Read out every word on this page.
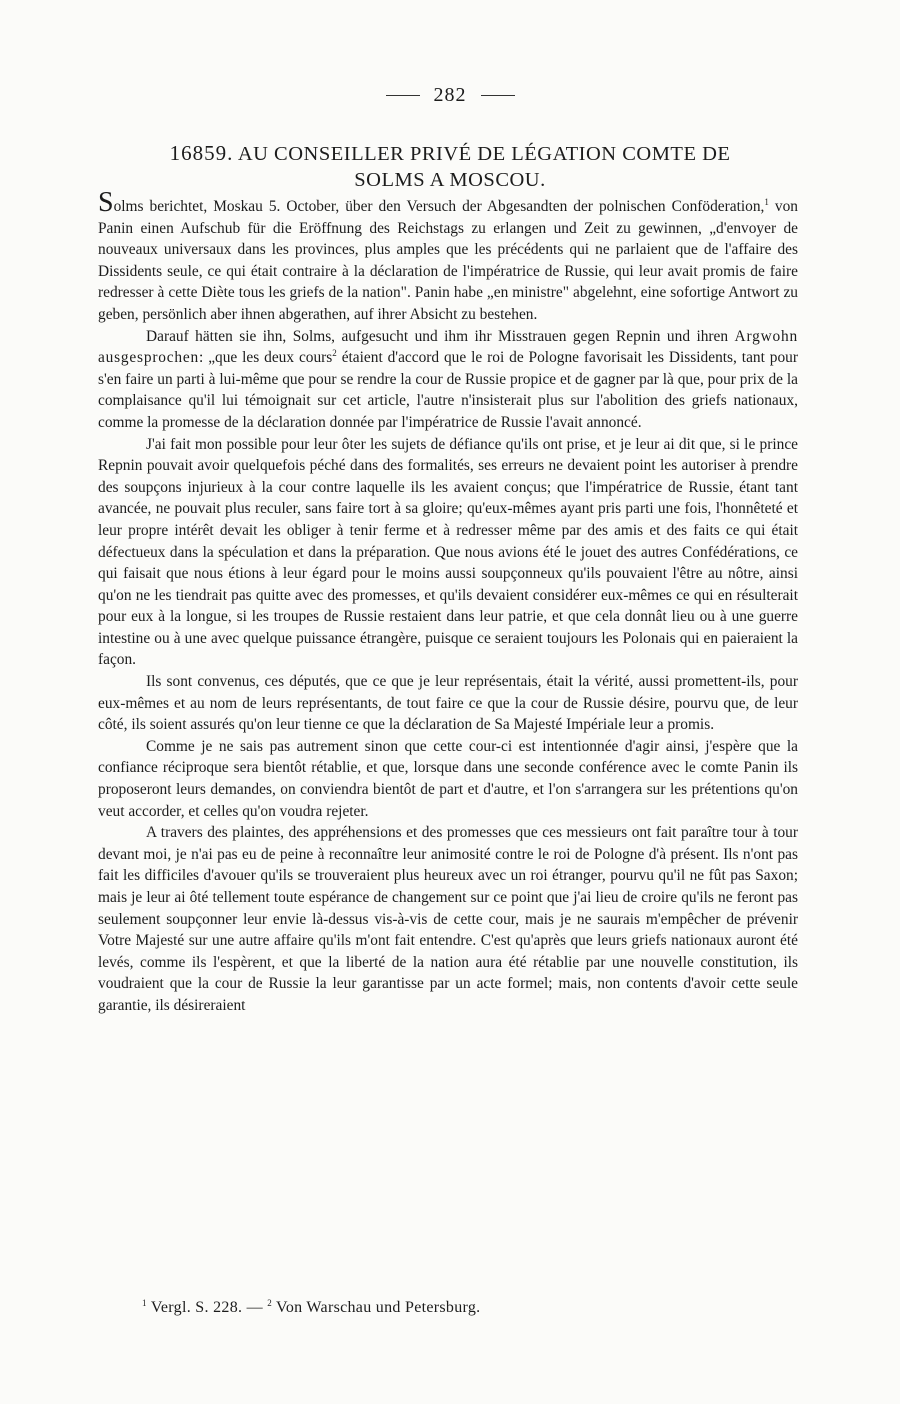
282
16859. AU CONSEILLER PRIVÉ DE LÉGATION COMTE DE SOLMS A MOSCOU.

Solms berichtet, Moskau 5. October, über den Versuch der Abgesandten der polnischen Conföderation,$^1$ von Panin einen Aufschub für die Eröffnung des Reichstags zu erlangen und Zeit zu gewinnen, „d'envoyer de nouveaux universaux dans les provinces, plus amples que les précédents qui ne parlaient que de l'affaire des Dissidents seule, ce qui était contraire à la déclaration de l'impératrice de Russie, qui leur avait promis de faire redresser à cette Diète tous les griefs de la nation". Panin habe „en ministre" abgelehnt, eine sofortige Antwort zu geben, persönlich aber ihnen abgerathen, auf ihrer Absicht zu bestehen.

Darauf hätten sie ihn, Solms, aufgesucht und ihm ihr Misstrauen gegen Repnin und ihren Argwohn ausgesprochen: „que les deux cours$^2$ étaient d'accord que le roi de Pologne favorisait les Dissidents, tant pour s'en faire un parti à lui-même que pour se rendre la cour de Russie propice et de gagner par là que, pour prix de la complaisance qu'il lui témoignait sur cet article, l'autre n'insisterait plus sur l'abolition des griefs nationaux, comme la promesse de la déclaration donnée par l'impératrice de Russie l'avait annoncé.

J'ai fait mon possible pour leur ôter les sujets de défiance qu'ils ont prise, et je leur ai dit que, si le prince Repnin pouvait avoir quelquefois péché dans des formalités, ses erreurs ne devaient point les autoriser à prendre des soupçons injurieux à la cour contre laquelle ils les avaient conçus; que l'impératrice de Russie, étant tant avancée, ne pouvait plus reculer, sans faire tort à sa gloire; qu'eux-mêmes ayant pris parti une fois, l'honnêteté et leur propre intérêt devait les obliger à tenir ferme et à redresser même par des amis et des faits ce qui était défectueux dans la spéculation et dans la préparation. Que nous avions été le jouet des autres Confédérations, ce qui faisait que nous étions à leur égard pour le moins aussi soupçonneux qu'ils pouvaient l'être au nôtre, ainsi qu'on ne les tiendrait pas quitte avec des promesses, et qu'ils devaient considérer eux-mêmes ce qui en résulterait pour eux à la longue, si les troupes de Russie restaient dans leur patrie, et que cela donnât lieu ou à une guerre intestine ou à une avec quelque puissance étrangère, puisque ce seraient toujours les Polonais qui en paieraient la façon.

Ils sont convenus, ces députés, que ce que je leur représentais, était la vérité, aussi promettent-ils, pour eux-mêmes et au nom de leurs représentants, de tout faire ce que la cour de Russie désire, pourvu que, de leur côté, ils soient assurés qu'on leur tienne ce que la déclaration de Sa Majesté Impériale leur a promis.

Comme je ne sais pas autrement sinon que cette cour-ci est intentionnée d'agir ainsi, j'espère que la confiance réciproque sera bientôt rétablie, et que, lorsque dans une seconde conférence avec le comte Panin ils proposeront leurs demandes, on conviendra bientôt de part et d'autre, et l'on s'arrangera sur les prétentions qu'on veut accorder, et celles qu'on voudra rejeter.

A travers des plaintes, des appréhensions et des promesses que ces messieurs ont fait paraître tour à tour devant moi, je n'ai pas eu de peine à reconnaître leur animosité contre le roi de Pologne d'à présent. Ils n'ont pas fait les difficiles d'avouer qu'ils se trouveraient plus heureux avec un roi étranger, pourvu qu'il ne fût pas Saxon; mais je leur ai ôté tellement toute espérance de changement sur ce point que j'ai lieu de croire qu'ils ne feront pas seulement soupçonner leur envie là-dessus vis-à-vis de cette cour, mais je ne saurais m'empêcher de prévenir Votre Majesté sur une autre affaire qu'ils m'ont fait entendre. C'est qu'après que leurs griefs nationaux auront été levés, comme ils l'espèrent, et que la liberté de la nation aura été rétablie par une nouvelle constitution, ils voudraient que la cour de Russie la leur garantisse par un acte formel; mais, non contents d'avoir cette seule garantie, ils désireraient

$^1$ Vergl. S. 228. — $^2$ Von Warschau und Petersburg.
